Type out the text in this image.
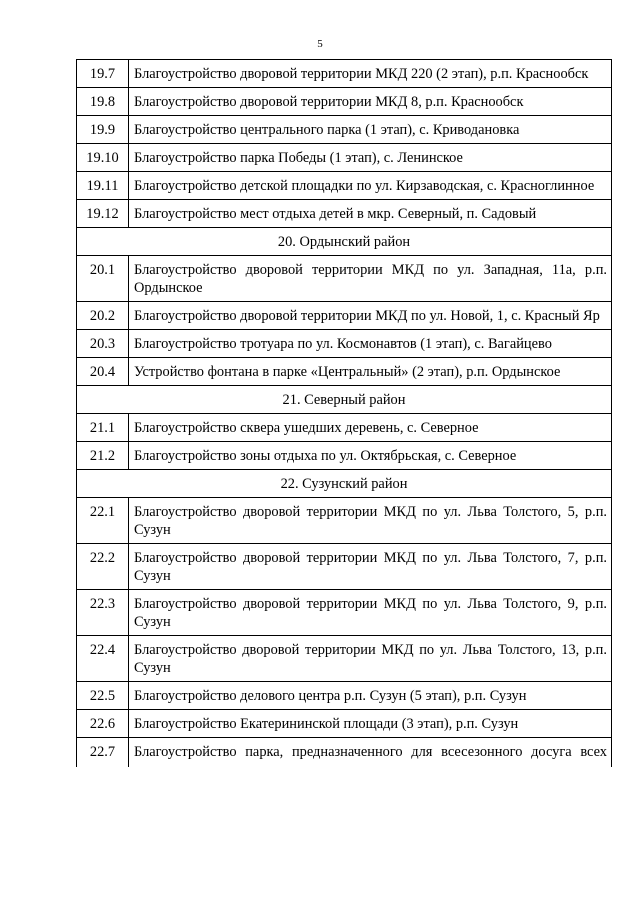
5
19.7	Благоустройство дворовой территории МКД 220 (2 этап), р.п. Краснообск
19.8	Благоустройство дворовой территории МКД 8, р.п. Краснообск
19.9	Благоустройство центрального парка (1 этап), с. Криводановка
19.10	Благоустройство парка Победы (1 этап), с. Ленинское
19.11	Благоустройство детской площадки по ул. Кирзаводская, с. Красноглинное
19.12	Благоустройство мест отдыха детей в мкр. Северный, п. Садовый
20. Ордынский район	
20.1	Благоустройство дворовой территории МКД по ул. Западная, 11а, р.п. Ордынское
20.2	Благоустройство дворовой территории МКД по ул. Новой, 1, с. Красный Яр
20.3	Благоустройство тротуара по ул. Космонавтов (1 этап), с. Вагайцево
20.4	Устройство фонтана в парке «Центральный» (2 этап), р.п. Ордынское
21. Северный район	
21.1	Благоустройство сквера ушедших деревень, с. Северное
21.2	Благоустройство зоны отдыха по ул. Октябрьская, с. Северное
22. Сузунский район	
22.1	Благоустройство дворовой территории МКД по ул. Льва Толстого, 5, р.п. Сузун
22.2	Благоустройство дворовой территории МКД по ул. Льва Толстого, 7, р.п. Сузун
22.3	Благоустройство дворовой территории МКД по ул. Льва Толстого, 9, р.п. Сузун
22.4	Благоустройство дворовой территории МКД по ул. Льва Толстого, 13, р.п. Сузун
22.5	Благоустройство делового центра р.п. Сузун (5 этап), р.п. Сузун
22.6	Благоустройство Екатерининской площади (3 этап), р.п. Сузун
22.7	Благоустройство парка, предназначенного для всесезонного досуга всех
